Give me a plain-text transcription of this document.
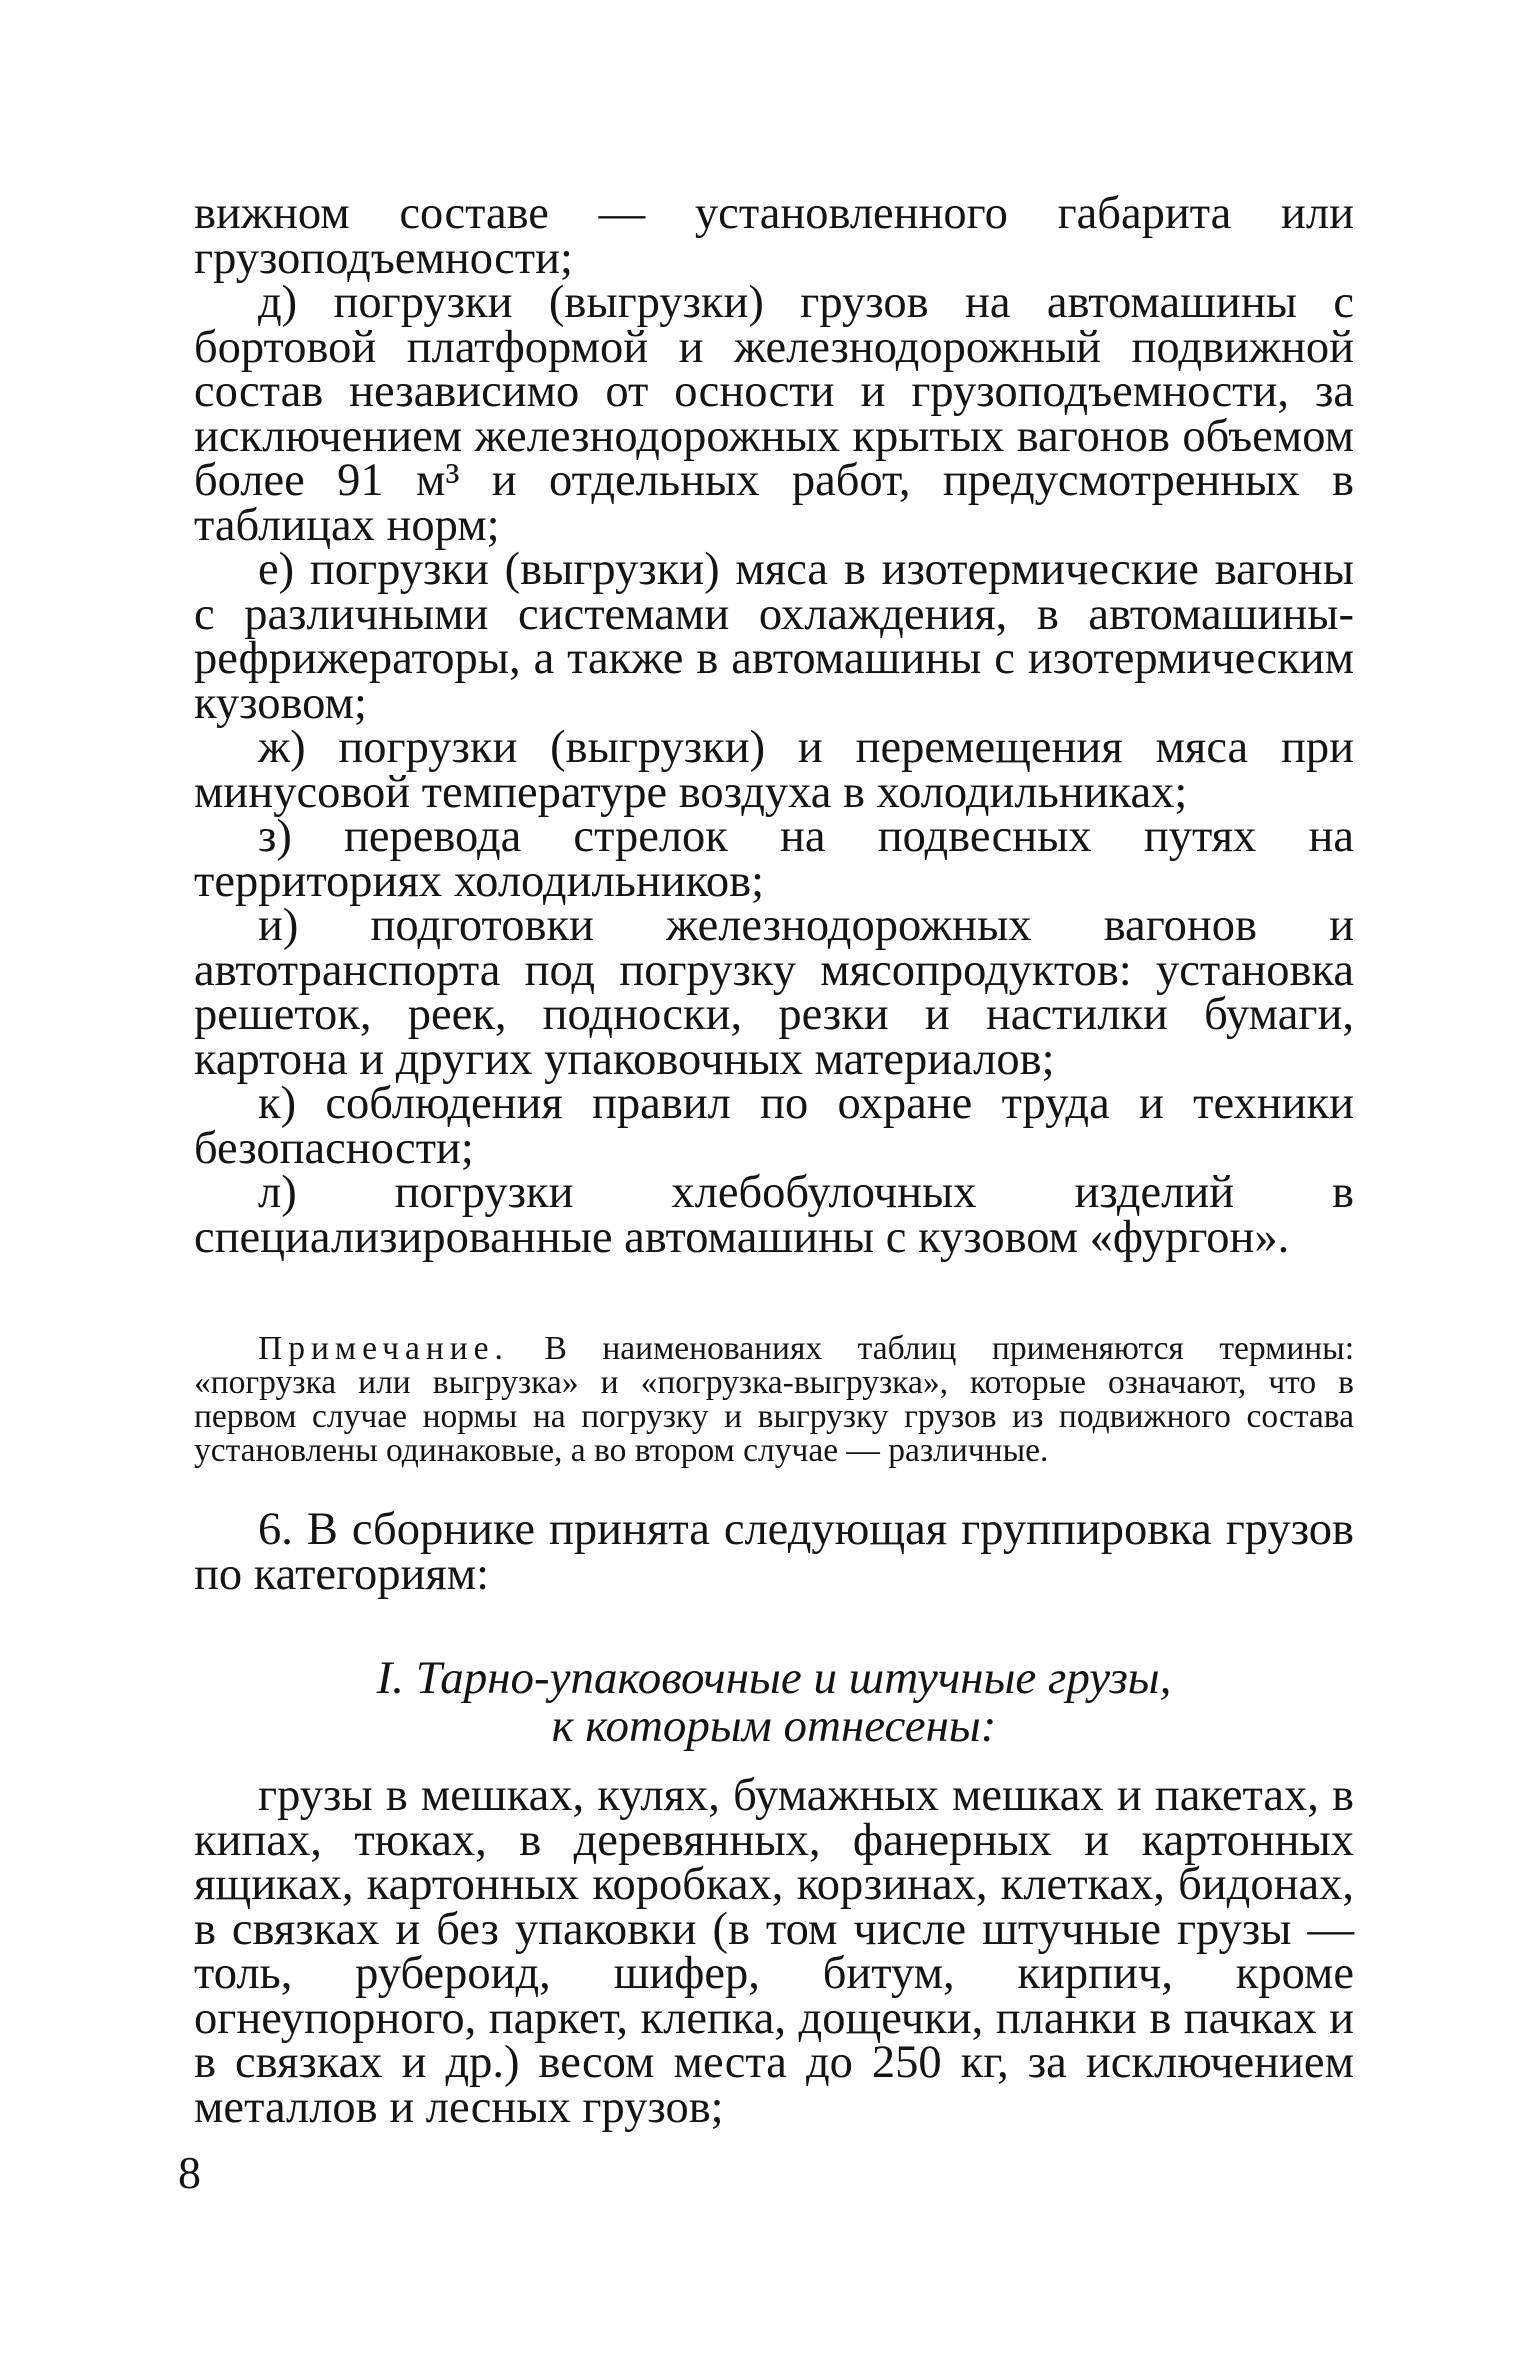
вижном составе — установленного габарита или грузоподъемности;

д) погрузки (выгрузки) грузов на автомашины с бортовой платформой и железнодорожный подвижной состав независимо от осности и грузоподъемности, за исключением железнодорожных крытых вагонов объемом более 91 м³ и отдельных работ, предусмотренных в таблицах норм;

е) погрузки (выгрузки) мяса в изотермические вагоны с различными системами охлаждения, в автомашины-рефрижераторы, а также в автомашины с изотермическим кузовом;

ж) погрузки (выгрузки) и перемещения мяса при минусовой температуре воздуха в холодильниках;

з) перевода стрелок на подвесных путях на территориях холодильников;

и) подготовки железнодорожных вагонов и автотранспорта под погрузку мясопродуктов: установка решеток, реек, подноски, резки и настилки бумаги, картона и других упаковочных материалов;

к) соблюдения правил по охране труда и техники безопасности;

л) погрузки хлебобулочных изделий в специализированные автомашины с кузовом «фургон».

Примечание. В наименованиях таблиц применяются термины: «погрузка или выгрузка» и «погрузка-выгрузка», которые означают, что в первом случае нормы на погрузку и выгрузку грузов из подвижного состава установлены одинаковые, а во втором случае — различные.

6. В сборнике принята следующая группировка грузов по категориям:

I. Тарно-упаковочные и штучные грузы,

к которым отнесены:

грузы в мешках, кулях, бумажных мешках и пакетах, в кипах, тюках, в деревянных, фанерных и картонных ящиках, картонных коробках, корзинах, клетках, бидонах, в связках и без упаковки (в том числе штучные грузы — толь, рубероид, шифер, битум, кирпич, кроме огнеупорного, паркет, клепка, дощечки, планки в пачках и в связках и др.) весом места до 250 кг, за исключением металлов и лесных грузов;

8
